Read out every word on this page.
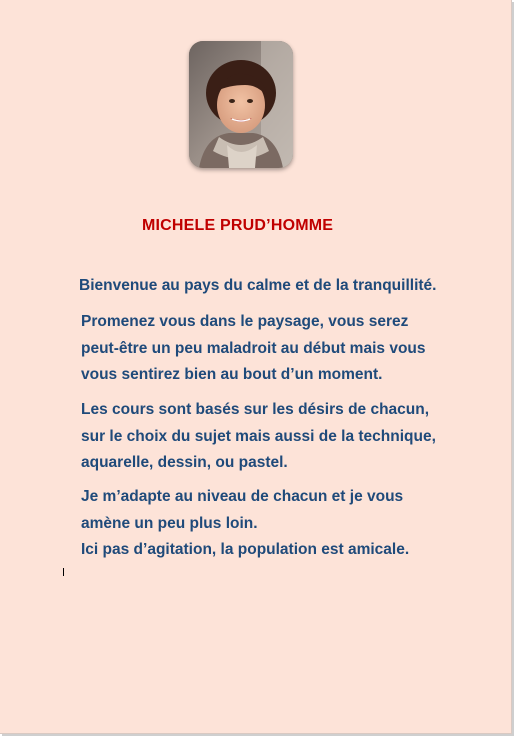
MICHELE PRUD’HOMME

Bienvenue au pays du calme et de la tranquillité.

Promenez vous dans le paysage, vous serez
peut-être un peu maladroit au début mais vous
vous sentirez bien au bout d’un moment.

Les cours sont basés sur les désirs de chacun,
sur le choix du sujet mais aussi de la technique,
aquarelle, dessin, ou pastel.

Je m’adapte au niveau de chacun et je vous
amène un peu plus loin.
Ici pas d’agitation, la population est amicale.
